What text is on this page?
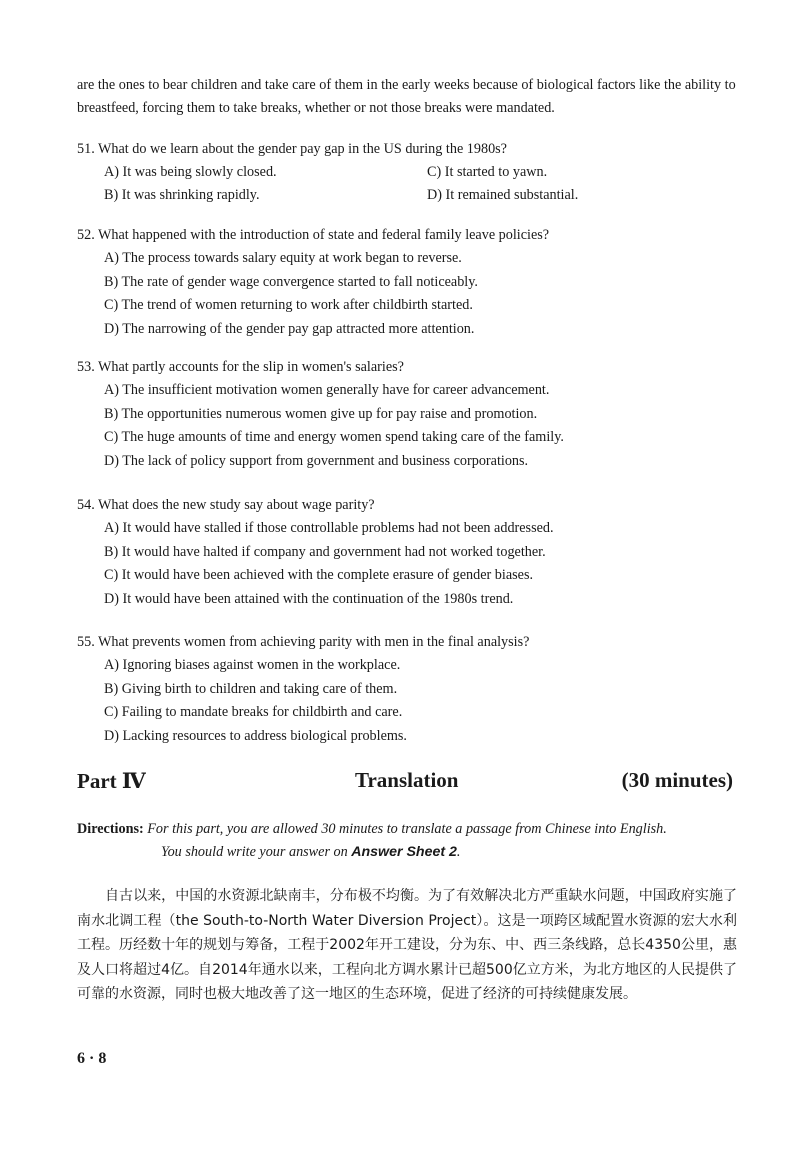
are the ones to bear children and take care of them in the early weeks because of biological factors like the ability to breastfeed, forcing them to take breaks, whether or not those breaks were mandated.
51. What do we learn about the gender pay gap in the US during the 1980s?
A) It was being slowly closed.	C) It started to yawn.
B) It was shrinking rapidly.	D) It remained substantial.
52. What happened with the introduction of state and federal family leave policies?
A) The process towards salary equity at work began to reverse.
B) The rate of gender wage convergence started to fall noticeably.
C) The trend of women returning to work after childbirth started.
D) The narrowing of the gender pay gap attracted more attention.
53. What partly accounts for the slip in women's salaries?
A) The insufficient motivation women generally have for career advancement.
B) The opportunities numerous women give up for pay raise and promotion.
C) The huge amounts of time and energy women spend taking care of the family.
D) The lack of policy support from government and business corporations.
54. What does the new study say about wage parity?
A) It would have stalled if those controllable problems had not been addressed.
B) It would have halted if company and government had not worked together.
C) It would have been achieved with the complete erasure of gender biases.
D) It would have been attained with the continuation of the 1980s trend.
55. What prevents women from achieving parity with men in the final analysis?
A) Ignoring biases against women in the workplace.
B) Giving birth to children and taking care of them.
C) Failing to mandate breaks for childbirth and care.
D) Lacking resources to address biological problems.
Part Ⅳ	Translation	(30 minutes)
Directions: For this part, you are allowed 30 minutes to translate a passage from Chinese into English.
You should write your answer on Answer Sheet 2.
自古以来，中国的水资源北缺南丰，分布极不均衡。为了有效解决北方严重缺水问题，中国政府实施了南水北调工程（the South-to-North Water Diversion Project）。这是一项跨区域配置水资源的宏大水利工程。历经数十年的规划与筹备，工程于2002年开工建设，分为东、中、西三条线路，总长4350公里，惠及人口将超过4亿。自2014年通水以来，工程向北方调水累计已超500亿立方米，为北方地区的人民提供了可靠的水资源，同时也极大地改善了这一地区的生态环境，促进了经济的可持续健康发展。
6 · 8
